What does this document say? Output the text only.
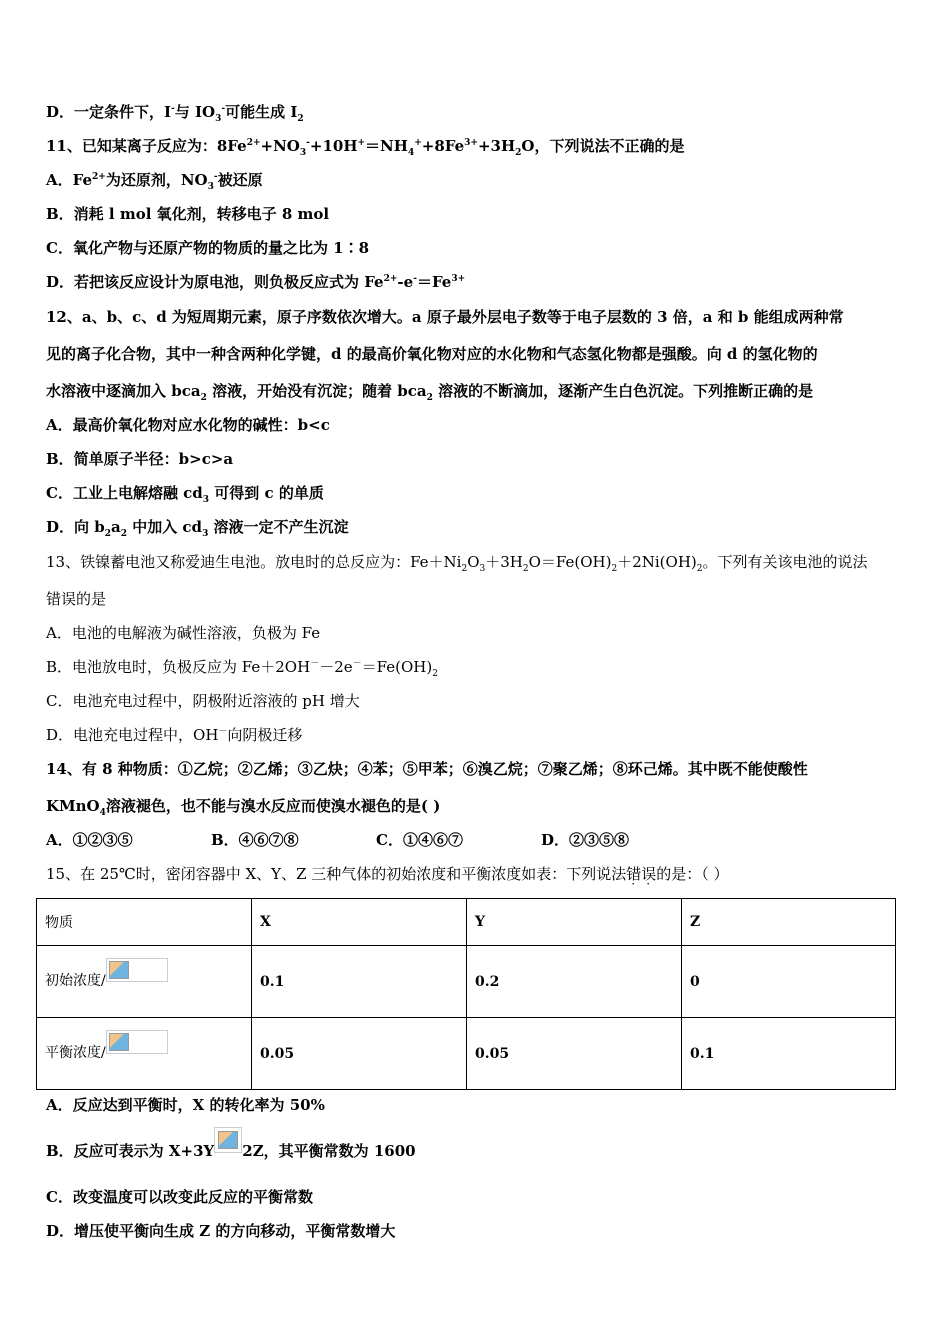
D．一定条件下，I-与 $IO_3^-$可能生成 $I_2$
11、已知某离子反应为：$8Fe^{2+}+NO_3^-+10H^+=NH_4^++8Fe^{3+}+3H_2O$，下列说法不正确的是
A．$Fe^{2+}$为还原剂，$NO_3^-$被还原
B．消耗 l mol 氧化剂，转移电子 8 mol
C．氧化产物与还原产物的物质的量之比为 1∶8
D．若把该反应设计为原电池，则负极反应式为 $Fe^{2+}-e^-=Fe^{3+}$
12、a、b、c、d 为短周期元素，原子序数依次增大。a 原子最外层电子数等于电子层数的 3 倍，a 和 b 能组成两种常
见的离子化合物，其中一种含两种化学键，d 的最高价氧化物对应的水化物和气态氢化物都是强酸。向 d 的氢化物的
水溶液中逐滴加入 bca$_2$ 溶液，开始没有沉淀；随着 bca$_2$ 溶液的不断滴加，逐渐产生白色沉淀。下列推断正确的是
A．最高价氧化物对应水化物的碱性：b<c
B．简单原子半径：b>c>a
C．工业上电解熔融 $cd_3$ 可得到 c 的单质
D．向 $b_2a_2$ 中加入 $cd_3$ 溶液一定不产生沉淀
13、铁镍蓄电池又称爱迪生电池。放电时的总反应为：$Fe+Ni_2O_3+3H_2O=Fe(OH)_2+2Ni(OH)_2$。下列有关该电池的说法
错误的是
A．电池的电解液为碱性溶液，负极为 Fe
B．电池放电时，负极反应为 $Fe+2OH^--2e^-=Fe(OH)_2$
C．电池充电过程中，阴极附近溶液的 pH 增大
D．电池充电过程中，OH－向阴极迁移
14、有 8 种物质：①乙烷；②乙烯；③乙炔；④苯；⑤甲苯；⑥溴乙烷；⑦聚乙烯；⑧环己烯。其中既不能使酸性
KMnO$_4$溶液褪色，也不能与溴水反应而使溴水褪色的是( )
A．①②③⑤	B．④⑥⑦⑧	C．①④⑥⑦	D．②③⑤⑧
15、在 25℃时，密闭容器中 X、Y、Z 三种气体的初始浓度和平衡浓度如表：下列说法错误的是：（ ）
物质	X	Y	Z
初始浓度/	0.1	0.2	0
平衡浓度/	0.05	0.05	0.1
A．反应达到平衡时，X 的转化率为 50%
B．反应可表示为 X+3Y 2Z，其平衡常数为 1600
C．改变温度可以改变此反应的平衡常数
D．增压使平衡向生成 Z 的方向移动，平衡常数增大
